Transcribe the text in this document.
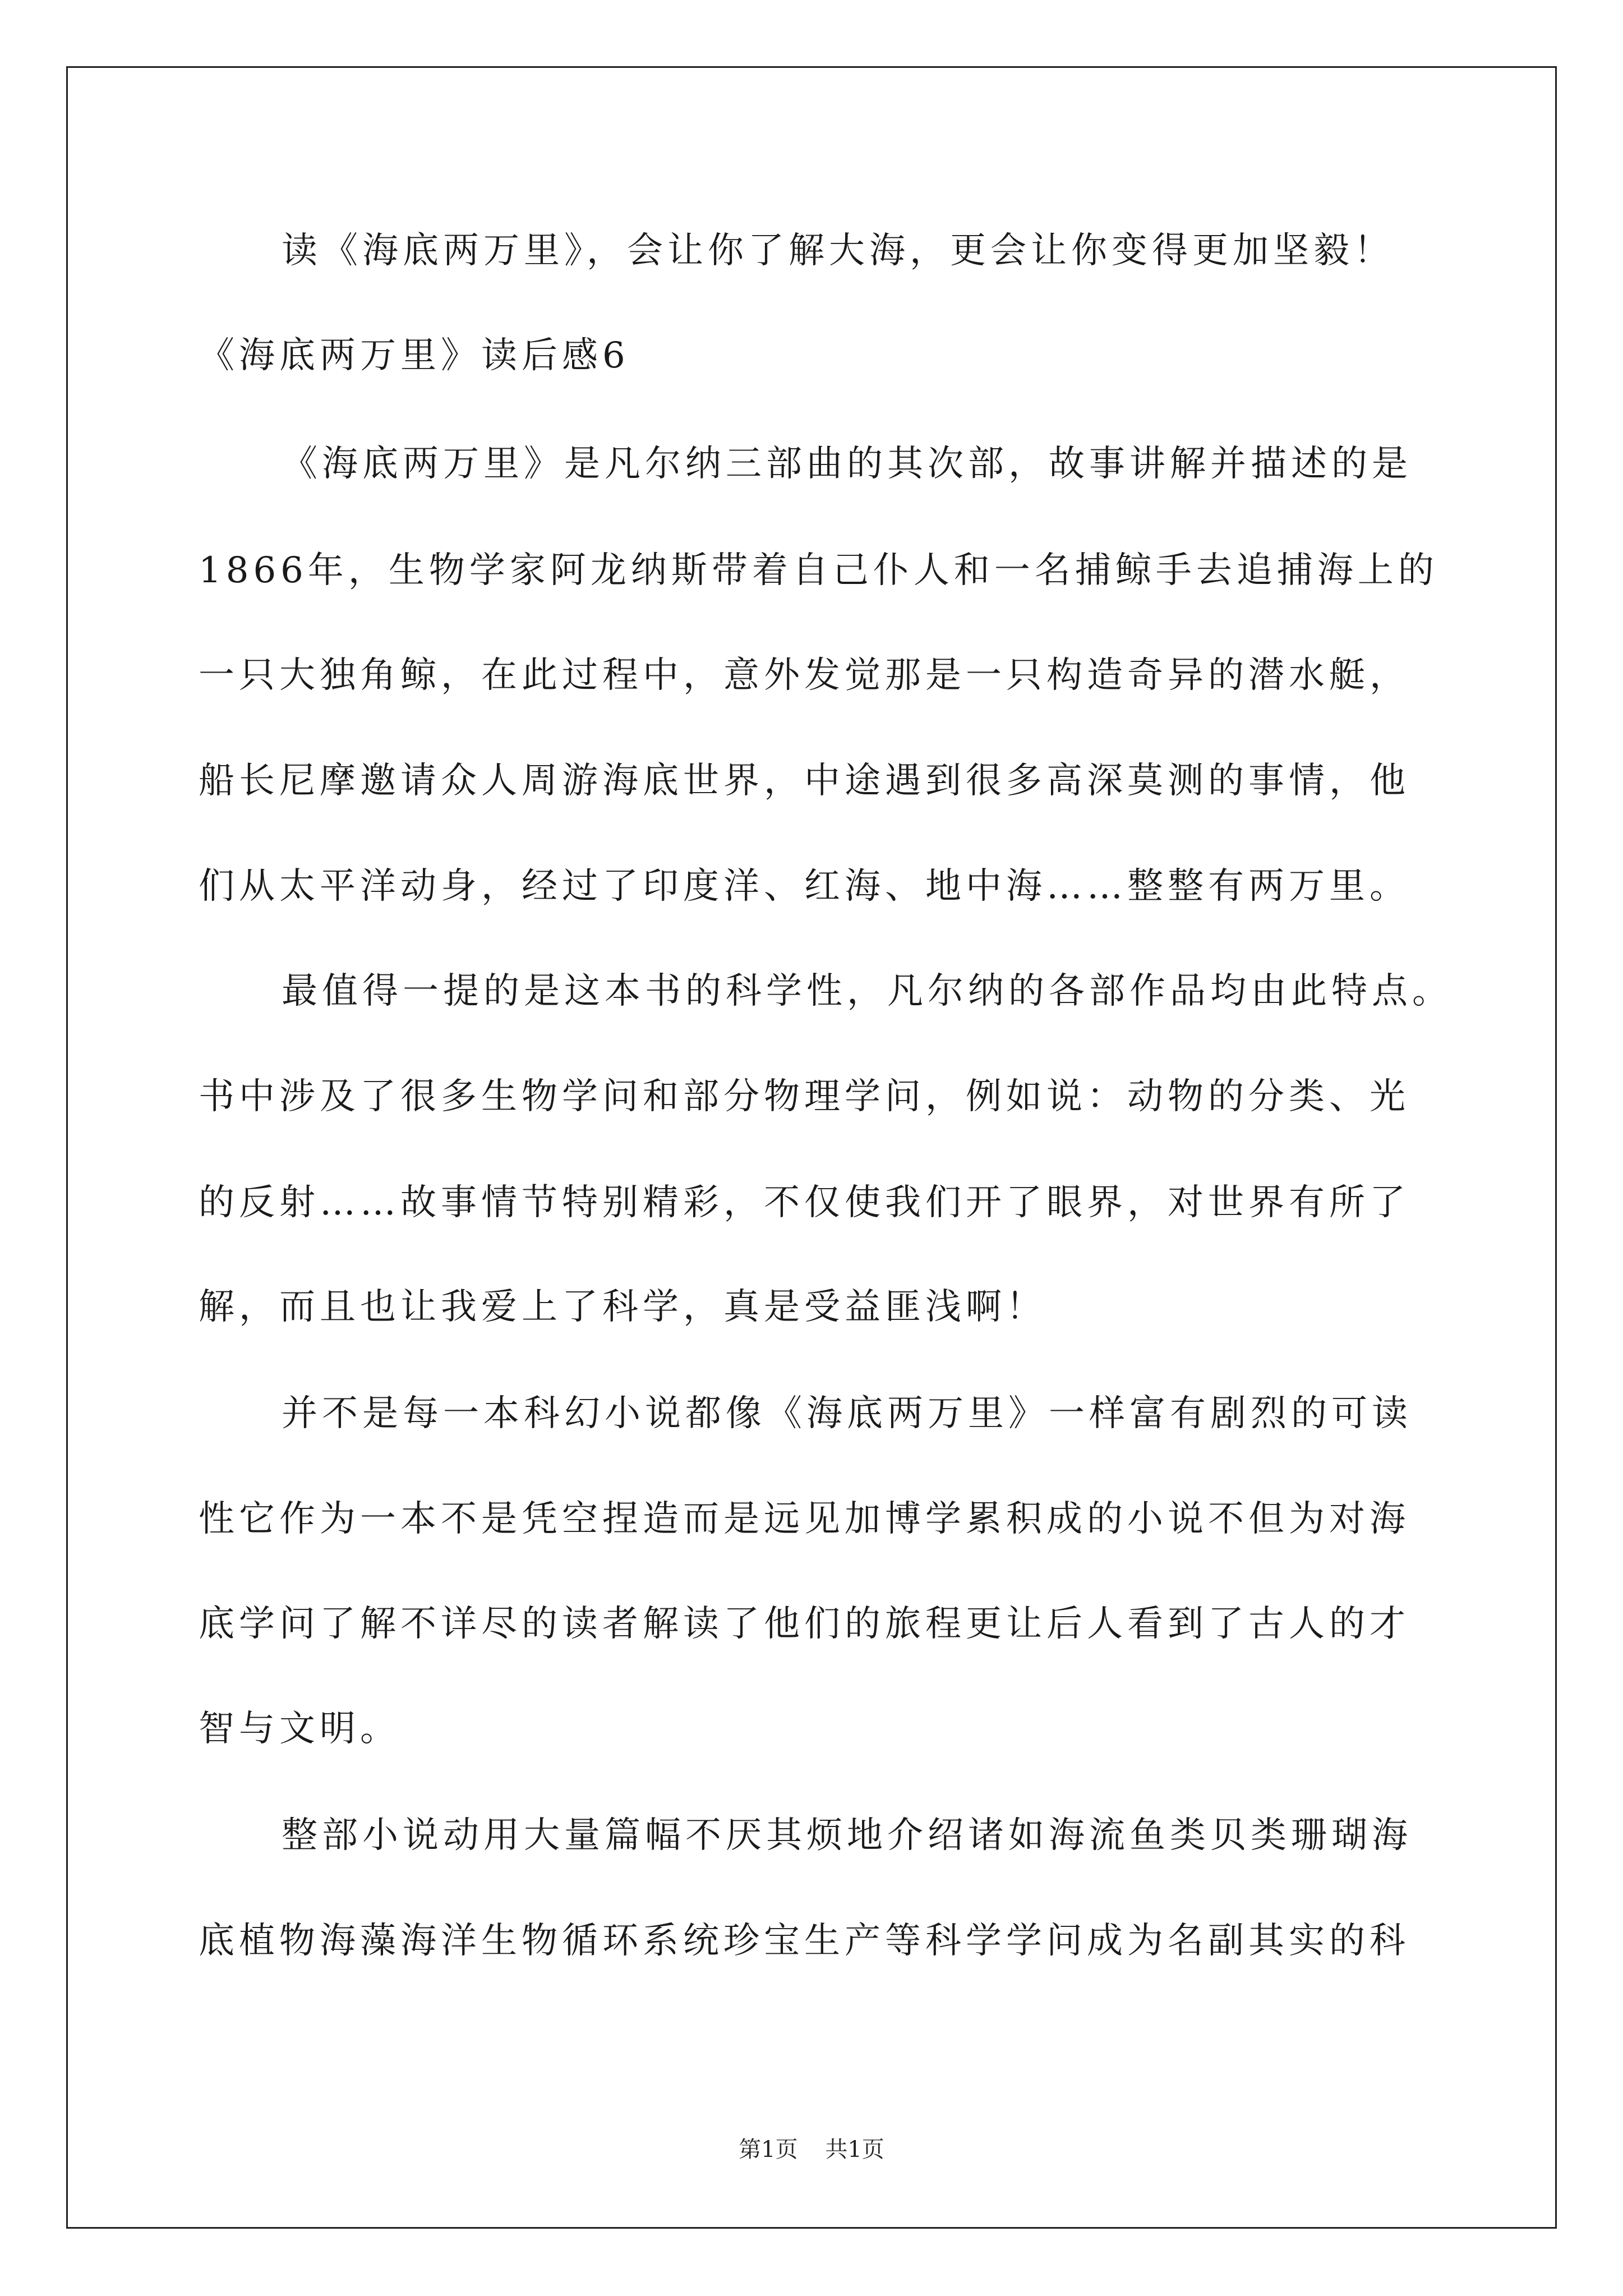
读《海底两万里》，会让你了解大海，更会让你变得更加坚毅！
《海底两万里》读后感6
《海底两万里》是凡尔纳三部曲的其次部，故事讲解并描述的是
1866年，生物学家阿龙纳斯带着自己仆人和一名捕鲸手去追捕海上的
一只大独角鲸，在此过程中，意外发觉那是一只构造奇异的潜水艇，
船长尼摩邀请众人周游海底世界，中途遇到很多高深莫测的事情，他
们从太平洋动身，经过了印度洋、红海、地中海……整整有两万里。
最值得一提的是这本书的科学性，凡尔纳的各部作品均由此特点。
书中涉及了很多生物学问和部分物理学问，例如说：动物的分类、光
的反射……故事情节特别精彩，不仅使我们开了眼界，对世界有所了
解，而且也让我爱上了科学，真是受益匪浅啊！
并不是每一本科幻小说都像《海底两万里》一样富有剧烈的可读
性它作为一本不是凭空捏造而是远见加博学累积成的小说不但为对海
底学问了解不详尽的读者解读了他们的旅程更让后人看到了古人的才
智与文明。
整部小说动用大量篇幅不厌其烦地介绍诸如海流鱼类贝类珊瑚海
底植物海藻海洋生物循环系统珍宝生产等科学学问成为名副其实的科
第1页 共1页
